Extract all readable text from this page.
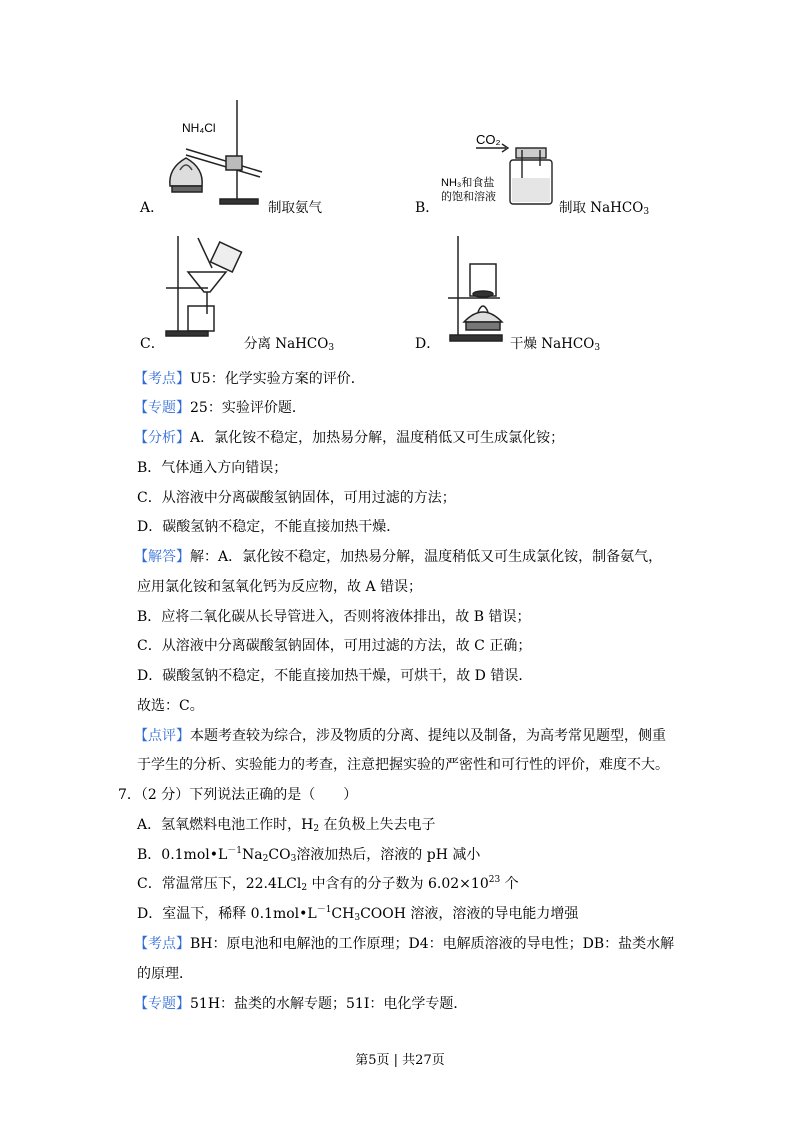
NH₄Cl
CO₂
NH₃和食盐
的饱和溶液
A．	制取氨气	B．	制取 NaHCO$_3$
C．	分离 NaHCO$_3$	D．	干燥 NaHCO$_3$
【考点】U5：化学实验方案的评价．
【专题】25：实验评价题．
【分析】A．氯化铵不稳定，加热易分解，温度稍低又可生成氯化铵；
B．气体通入方向错误；
C．从溶液中分离碳酸氢钠固体，可用过滤的方法；
D．碳酸氢钠不稳定，不能直接加热干燥．
【解答】解：A．氯化铵不稳定，加热易分解，温度稍低又可生成氯化铵，制备氨气，
应用氯化铵和氢氧化钙为反应物，故 A 错误；
B．应将二氧化碳从长导管进入，否则将液体排出，故 B 错误；
C．从溶液中分离碳酸氢钠固体，可用过滤的方法，故 C 正确；
D．碳酸氢钠不稳定，不能直接加热干燥，可烘干，故 D 错误．
故选：C。
【点评】本题考查较为综合，涉及物质的分离、提纯以及制备，为高考常见题型，侧重
于学生的分析、实验能力的考查，注意把握实验的严密性和可行性的评价，难度不大。
7．（2 分）下列说法正确的是（　　）
A．氢氧燃料电池工作时，$H_2$ 在负极上失去电子
B．$0.1mol•L^{-1}Na_2CO_3$溶液加热后，溶液的 pH 减小
C．常温常压下，22.4LCl$_2$ 中含有的分子数为 $6.02\times 10^{23}$ 个
D．室温下，稀释 $0.1mol•L^{-1}CH_3COOH$ 溶液，溶液的导电能力增强
【考点】BH：原电池和电解池的工作原理；D4：电解质溶液的导电性；DB：盐类水解
的原理．
【专题】51H：盐类的水解专题；51I：电化学专题．
第5页 | 共27页
